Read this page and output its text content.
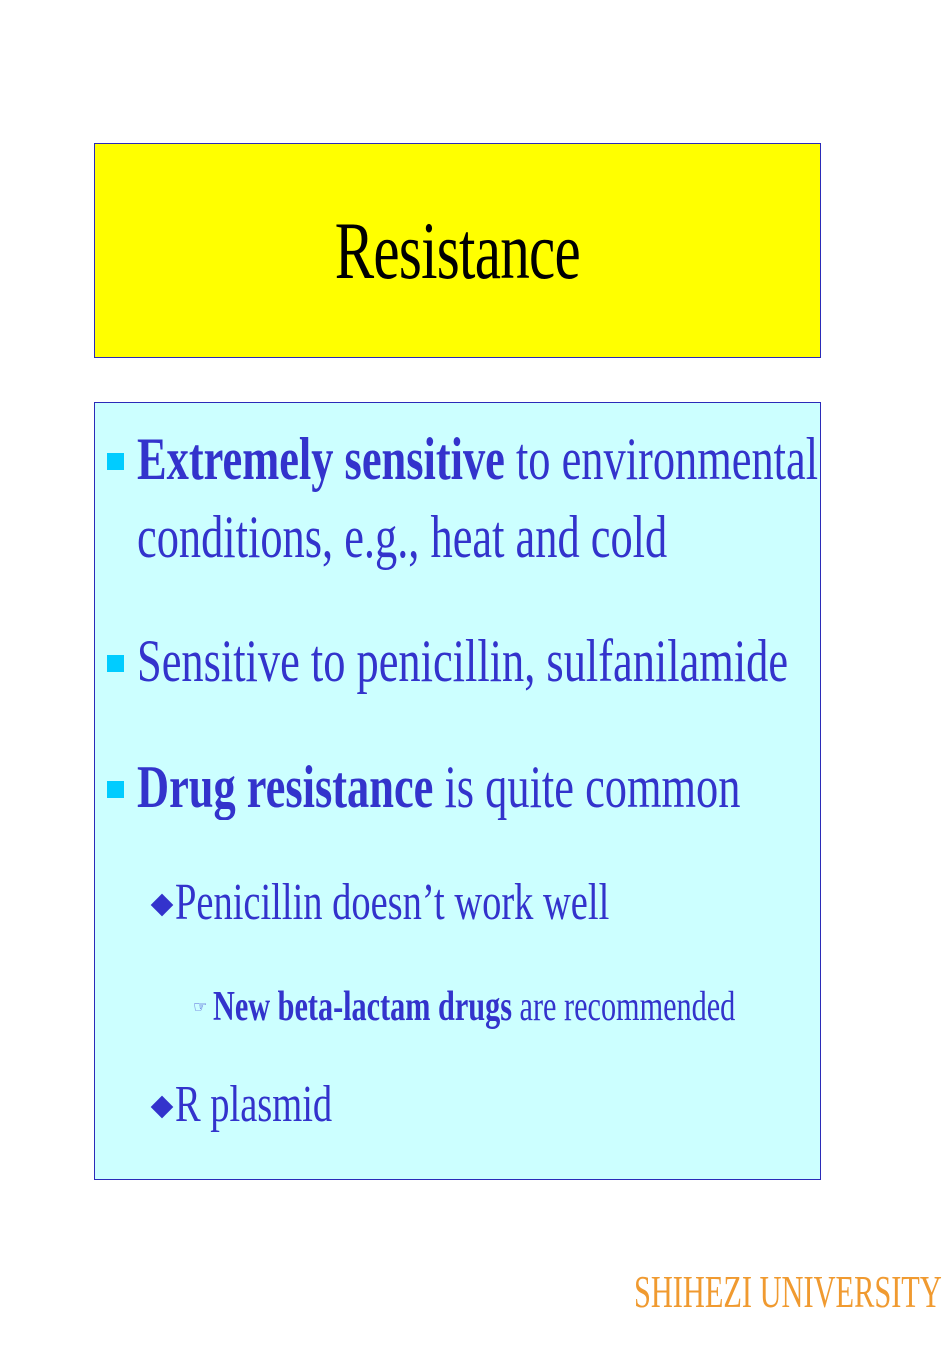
Resistance
Extremely sensitive to environmental
conditions, e.g., heat and cold
Sensitive to penicillin, sulfanilamide
Drug resistance is quite common
Penicillin doesn’t work well
☞ New beta-lactam drugs are recommended
R plasmid
SHIHEZI UNIVERSITY
